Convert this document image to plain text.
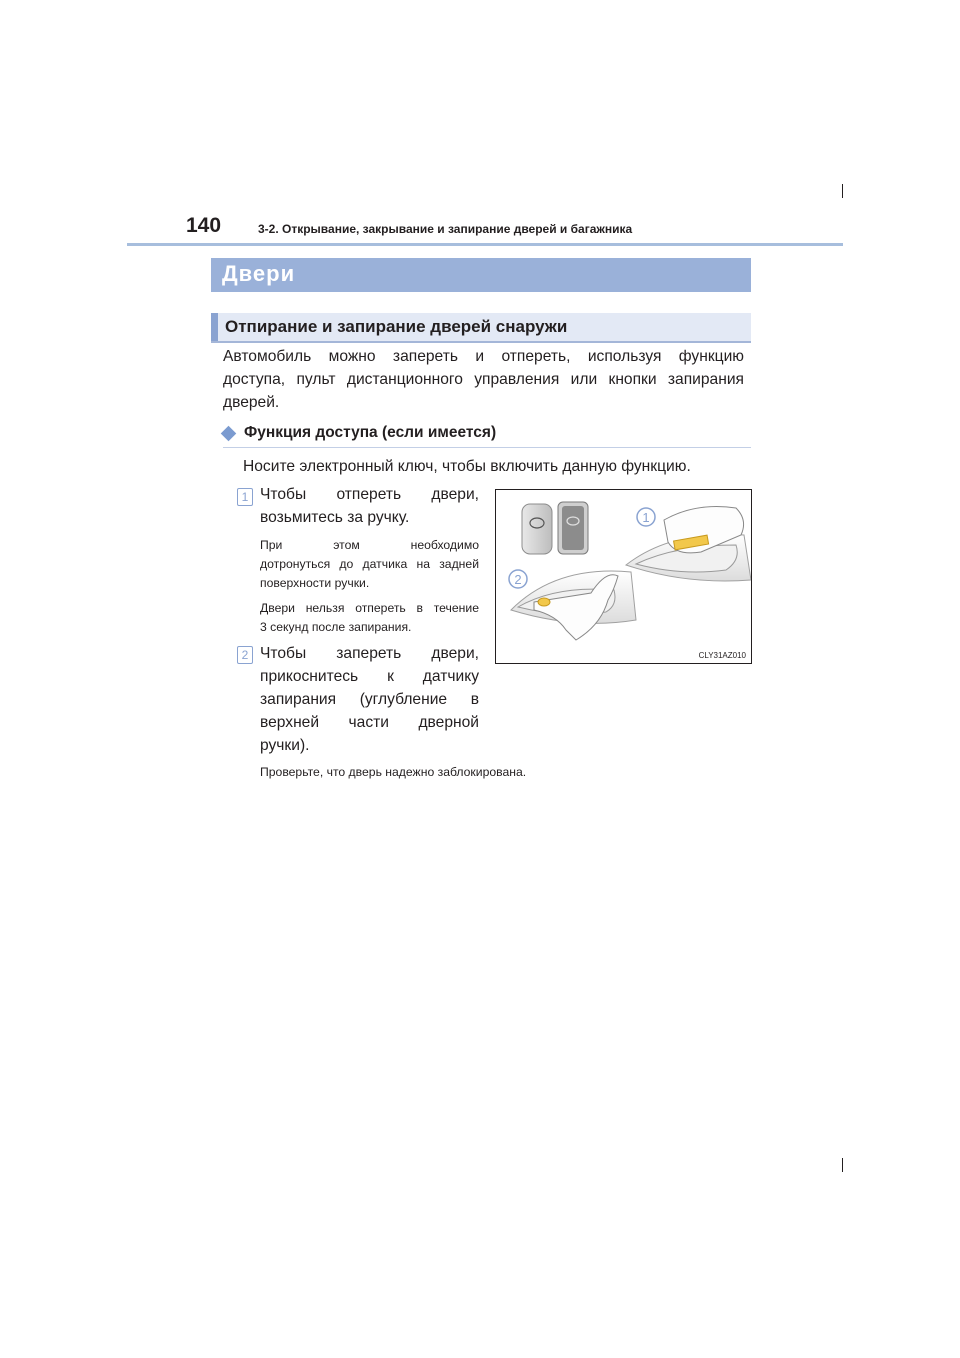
140	3-2. Открывание, закрывание и запирание дверей и багажника
Двери
Отпирание и запирание дверей снаружи
Автомобиль можно запереть и отпереть, используя функцию
доступа, пульт дистанционного управления или кнопки запирания
дверей.
Функция доступа (если имеется)
Носите электронный ключ, чтобы включить данную функцию.
1 Чтобы отпереть двери,
возьмитесь за ручку.
При этом необходимо
дотронуться до датчика на задней
поверхности ручки.
Двери нельзя отпереть в течение
3 секунд после запирания.
2 Чтобы запереть двери,
прикоснитесь к датчику
запирания (углубление в
верхней части дверной
ручки).
Проверьте, что дверь надежно заблокирована.
1
2
CLY31AZ010
